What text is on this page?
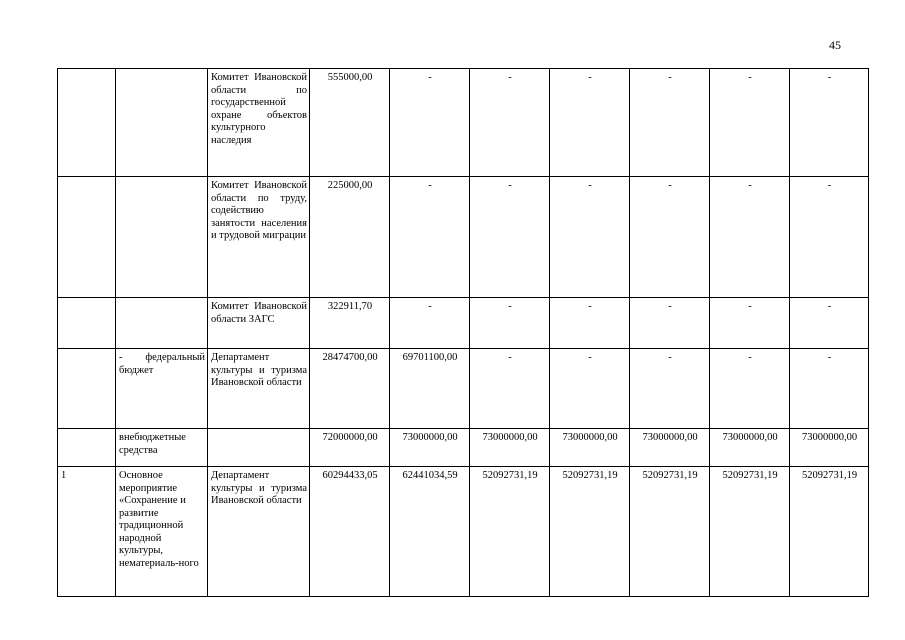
45
		Комитет Ивановской области по государственной охране объектов культурного наследия	555000,00	-	-	-	-	-	-
		Комитет Ивановской области по труду, содействию занятости населения и трудовой миграции	225000,00	-	-	-	-	-	-
		Комитет Ивановской области ЗАГС	322911,70	-	-	-	-	-	-
	- федеральный бюджет	Департамент культуры и туризма Ивановской области	28474700,00	69701100,00	-	-	-	-	-
	внебюджетные средства		72000000,00	73000000,00	73000000,00	73000000,00	73000000,00	73000000,00	73000000,00
1	Основное мероприятие «Сохранение и развитие традиционной народной культуры, нематериаль-ного	Департамент культуры и туризма Ивановской области	60294433,05	62441034,59	52092731,19	52092731,19	52092731,19	52092731,19	52092731,19
